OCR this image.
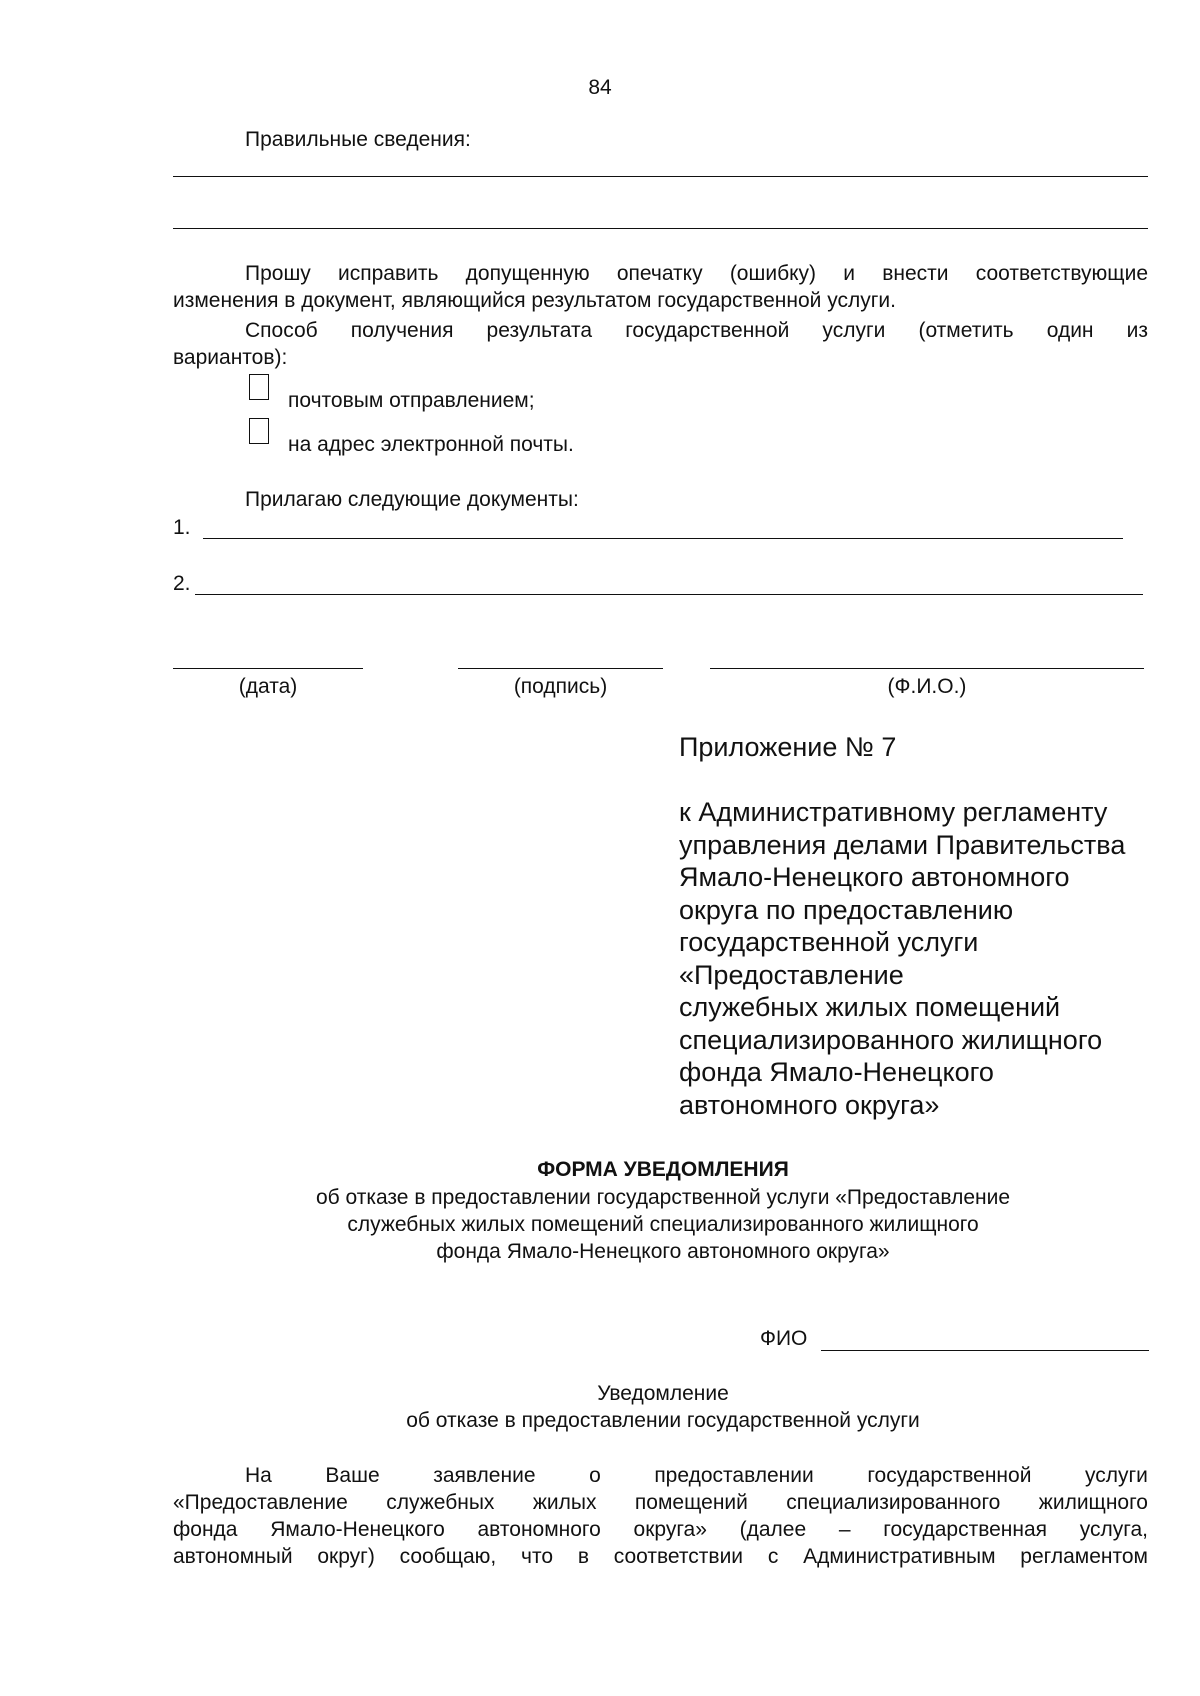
84
Правильные сведения:
Прошу исправить допущенную опечатку (ошибку) и внести соответствующие
изменения в документ, являющийся результатом государственной услуги.
Способ получения результата государственной услуги (отметить один из
вариантов):
почтовым отправлением;
на адрес электронной почты.
Прилагаю следующие документы:
1.
2.
(дата)	(подпись)	(Ф.И.О.)
Приложение № 7
к Административному регламенту
управления делами Правительства
Ямало-Ненецкого автономного
округа по предоставлению
государственной услуги
«Предоставление
служебных жилых помещений
специализированного жилищного
фонда Ямало-Ненецкого
автономного округа»
ФОРМА УВЕДОМЛЕНИЯ
об отказе в предоставлении государственной услуги «Предоставление
служебных жилых помещений специализированного жилищного
фонда Ямало-Ненецкого автономного округа»
ФИО
Уведомление
об отказе в предоставлении государственной услуги
На	Ваше	заявление	о	предоставлении	государственной	услуги
«Предоставление служебных жилых помещений специализированного жилищного
фонда Ямало-Ненецкого автономного округа» (далее – государственная услуга,
автономный округ) сообщаю, что в соответствии с Административным регламентом
